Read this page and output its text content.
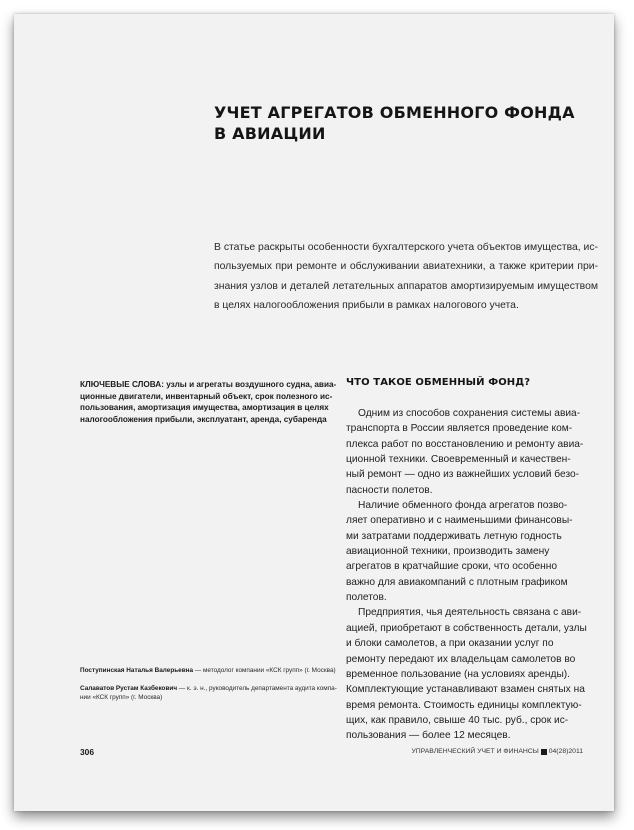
УЧЕТ АГРЕГАТОВ ОБМЕННОГО ФОНДА
В АВИАЦИИ
В статье раскрыты особенности бухгалтерского учета объектов имущества, ис-
пользуемых при ремонте и обслуживании авиатехники, а также критерии при-
знания узлов и деталей летательных аппаратов амортизируемым имуществом
в целях налогообложения прибыли в рамках налогового учета.
КЛЮЧЕВЫЕ СЛОВА: узлы и агрегаты воздушного судна, авиа-
ционные двигатели, инвентарный объект, срок полезного ис-
пользования, амортизация имущества, амортизация в целях
налогообложения прибыли, эксплуатант, аренда, субаренда
ЧТО ТАКОЕ ОБМЕННЫЙ ФОНД?
Одним из способов сохранения системы авиа-
транспорта в России является проведение ком-
плекса работ по восстановлению и ремонту авиа-
ционной техники. Своевременный и качествен-
ный ремонт — одно из важнейших условий безо-
пасности полетов.
Наличие обменного фонда агрегатов позво-
ляет оперативно и с наименьшими финансовы-
ми затратами поддерживать летную годность
авиационной техники, производить замену
агрегатов в кратчайшие сроки, что особенно
важно для авиакомпаний с плотным графиком
полетов.
Предприятия, чья деятельность связана с ави-
ацией, приобретают в собственность детали, узлы
и блоки самолетов, а при оказании услуг по
ремонту передают их владельцам самолетов во
временное пользование (на условиях аренды).
Комплектующие устанавливают взамен снятых на
время ремонта. Стоимость единицы комплектую-
щих, как правило, свыше 40 тыс. руб., срок ис-
пользования — более 12 месяцев.
Поступинская Наталья Валерьевна — методолог компании «КСК групп» (г. Москва)
Салаватов Рустам Казбекович — к. э. н., руководитель департамента аудита компа-
нии «КСК групп» (г. Москва)
306	УПРАВЛЕНЧЕСКИЙ УЧЕТ И ФИНАНСЫ 04(28)2011
